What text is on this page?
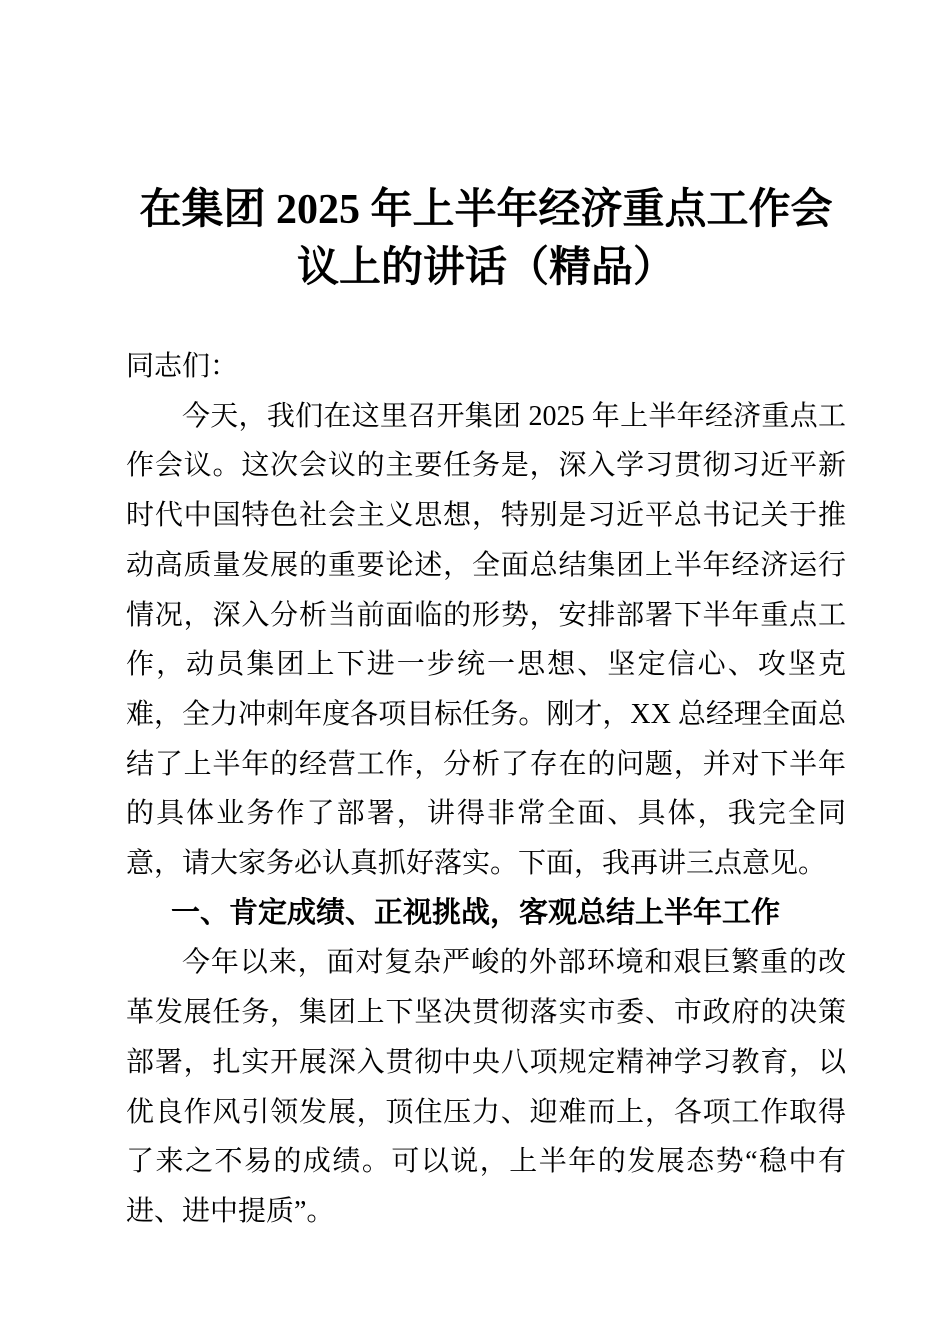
在集团 2025 年上半年经济重点工作会议上的讲话（精品）

同志们：

今天，我们在这里召开集团 2025 年上半年经济重点工作会议。这次会议的主要任务是，深入学习贯彻习近平新时代中国特色社会主义思想，特别是习近平总书记关于推动高质量发展的重要论述，全面总结集团上半年经济运行情况，深入分析当前面临的形势，安排部署下半年重点工作，动员集团上下进一步统一思想、坚定信心、攻坚克难，全力冲刺年度各项目标任务。刚才，XX 总经理全面总结了上半年的经营工作，分析了存在的问题，并对下半年的具体业务作了部署，讲得非常全面、具体，我完全同意，请大家务必认真抓好落实。下面，我再讲三点意见。

一、肯定成绩、正视挑战，客观总结上半年工作

今年以来，面对复杂严峻的外部环境和艰巨繁重的改革发展任务，集团上下坚决贯彻落实市委、市政府的决策部署，扎实开展深入贯彻中央八项规定精神学习教育，以优良作风引领发展，顶住压力、迎难而上，各项工作取得了来之不易的成绩。可以说，上半年的发展态势“稳中有进、进中提质”。
